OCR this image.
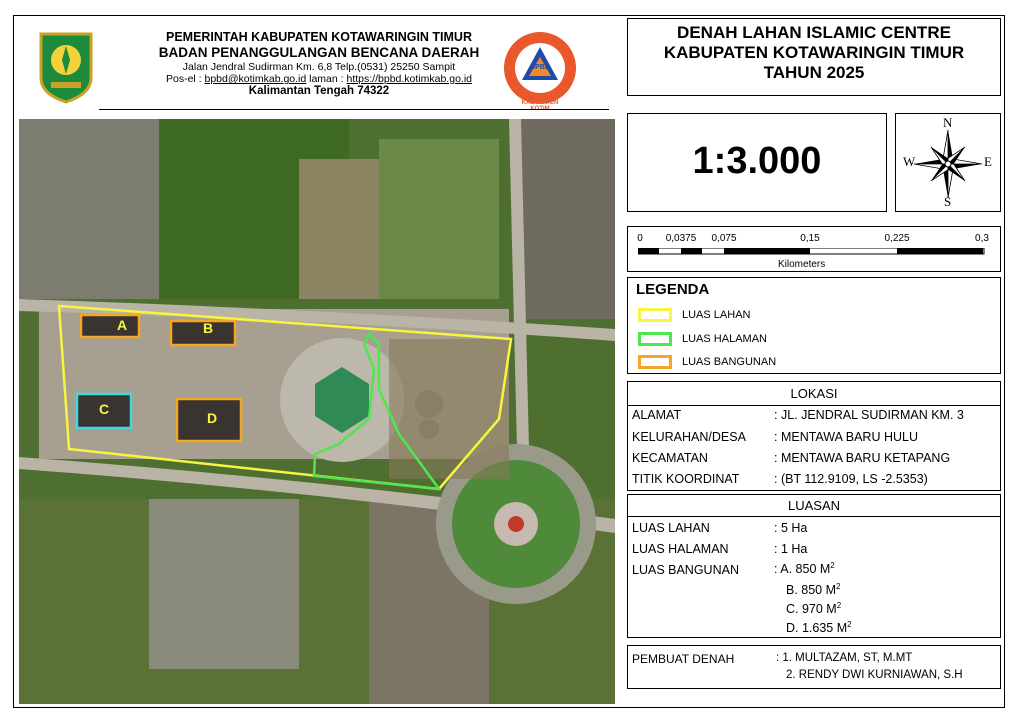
PEMERINTAH KABUPATEN KOTAWARINGIN TIMUR
BADAN PENANGGULANGAN BENCANA DAERAH
Jalan Jendral Sudirman Km. 6,8 Telp.(0531) 25250 Sampit
Pos-el : bpbd@kotimkab.go.id laman : https://bpbd.kotimkab.go.id
Kalimantan Tengah 74322
KABUPATEN
BPBD
A	B
C
D
DENAH LAHAN ISLAMIC CENTRE
KABUPATEN KOTAWARINGIN TIMUR
TAHUN 2025
1:3.000
N
S
E
W
0 0,0375 0,075	0,15	0,225	0,3
Kilometers
LEGENDA
LUAS LAHAN
LUAS HALAMAN
LUAS BANGUNAN
LOKASI
ALAMAT	: JL. JENDRAL SUDIRMAN KM. 3
KELURAHAN/DESA : MENTAWA BARU HULU
KECAMATAN	: MENTAWA BARU KETAPANG
TITIK KOORDINAT	: (BT 112.9109, LS -2.5353)
LUASAN
LUAS LAHAN	: 5 Ha
LUAS HALAMAN	: 1 Ha
LUAS BANGUNAN	: A. 850 $M^2$
B. 850 $M^2$
C. 970 $M^2$
D. 1.635 $M^2$
PEMBUAT DENAH	: 1. MULTAZAM, ST, M.MT
2. RENDY DWI KURNIAWAN, S.H
